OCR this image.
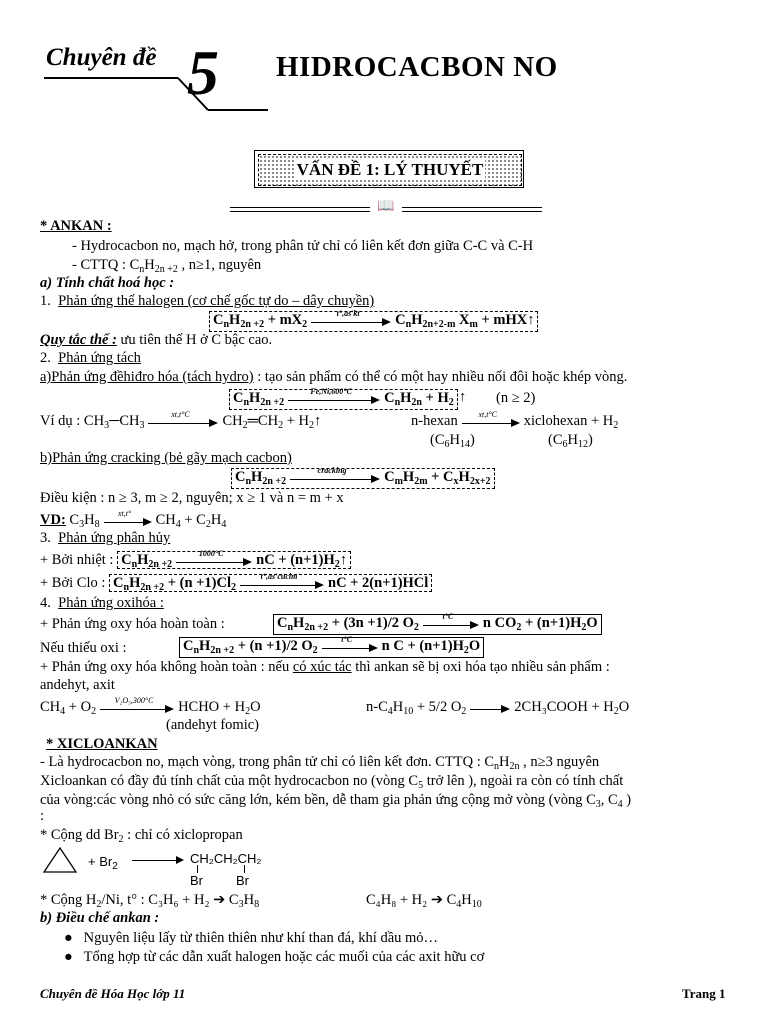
Chuyên đề 5 HIDROCACBON NO
VẤN ĐỀ 1: LÝ THUYẾT
📖
* ANKAN :
- Hydrocacbon no, mạch hở, trong phân tử chỉ có liên kết đơn giữa C-C và C-H
- CTTQ : $C_nH_{2n +2}$ , n≥1, nguyên
a) Tính chất hoá học :
1. Phản ứng thế halogen (cơ chế gốc tự do – dây chuyền)
$C_nH_{2n +2} + mX_2$
t°,as'kt	$C_nH_{2n+2-m}$ $X_m$ + mHX↑
Quy tắc thế : ưu tiên thế H ở C bậc cao.
2. Phản ứng tách
a)Phản ứng đềhiđro hóa (tách hydro) : tạo sản phẩm có thể có một hay nhiều nối đôi hoặc khép vòng.
$C_nH_{2n +2}$
Fe,Ni,600°C	$C_nH_{2n} + H_2$ ↑ (n ≥ 2)
Ví dụ : $CH_3─CH_3$
xt,t°C	$CH_2═CH_2$ + $H_2↑$	n-hexan	xt,t°C	xiclohexan + $H_2$
$(C_6H_{14})$	$(C_6H_{12})$
b)Phản ứng cracking (bẻ gãy mạch cacbon)
$C_nH_{2n +2}$
cracking	$C_mH_{2m} + C_xH_{2x+2}$
Điều kiện : n ≥ 3, m ≥ 2, nguyên; x ≥ 1 và n = m + x
VD: $C_3H_8$
xt,t°	$CH_4 + C_2H_4$
3. Phản ứng phân hủy
+ Bởi nhiệt : $C_nH_{2n +2}$
1000°C	nC + $(n+1)H_2↑$
+ Bởi Clo : $C_nH_{2n +2} + (n +1)Cl_2$
t°,as'cucim	nC + 2(n+1)HCl
4. Phản ứng oxihóa :
+ Phản ứng oxy hóa hoàn toàn :	$C_nH_{2n +2} + (3n +1)/2$ $O_2$
t°C	n $CO_2 + (n+1)H_2O$
Nếu thiếu oxi :	$C_nH_{2n +2} + (n +1)/2$ $O_2$
t°C	n $C + (n+1)H_2O$
+ Phản ứng oxy hóa không hoàn toàn : nếu có xúc tác thì ankan sẽ bị oxi hóa tạo nhiều sản phẩm :
andehyt, axit
$CH_4 + O_2$
V₂O₅,300°C	HCHO + $H_2O$
(andehyt fomic)
$n-C_4H_{10} + 5/2$ $O_2$	2CH₃COOH + $H_2O$
* XICLOANKAN
- Là hydrocacbon no, mạch vòng, trong phân tử chỉ có liên kết đơn. CTTQ : $C_nH_{2n}$ , n≥3 nguyên
Xicloankan có đầy đủ tính chất của một hydrocacbon no (vòng $C_5$ trở lên ), ngoài ra còn có tính chất
của vòng:các vòng nhỏ có sức căng lớn, kém bền, dễ tham gia phản ứng cộng mở vòng (vòng $C_3$, $C_4$ )
:
* Cộng dd $Br_2$ : chỉ có xiclopropan
+ $Br_2$
CH₂CH₂CH₂
Br	Br
* Cộng $H_2/Ni$, t° : C₃H₆ + H₂ ➔ $C_3H_8$	C₄H₈ + H₂ ➔ $C_4H_{10}$
b) Điều chế ankan :
●   Nguyên liệu lấy từ thiên thiên như khí than đá, khí dầu mỏ…
●   Tổng hợp từ các dẫn xuất halogen hoặc các muối của các axit hữu cơ
Chuyên đề Hóa Học lớp 11	Trang 1
